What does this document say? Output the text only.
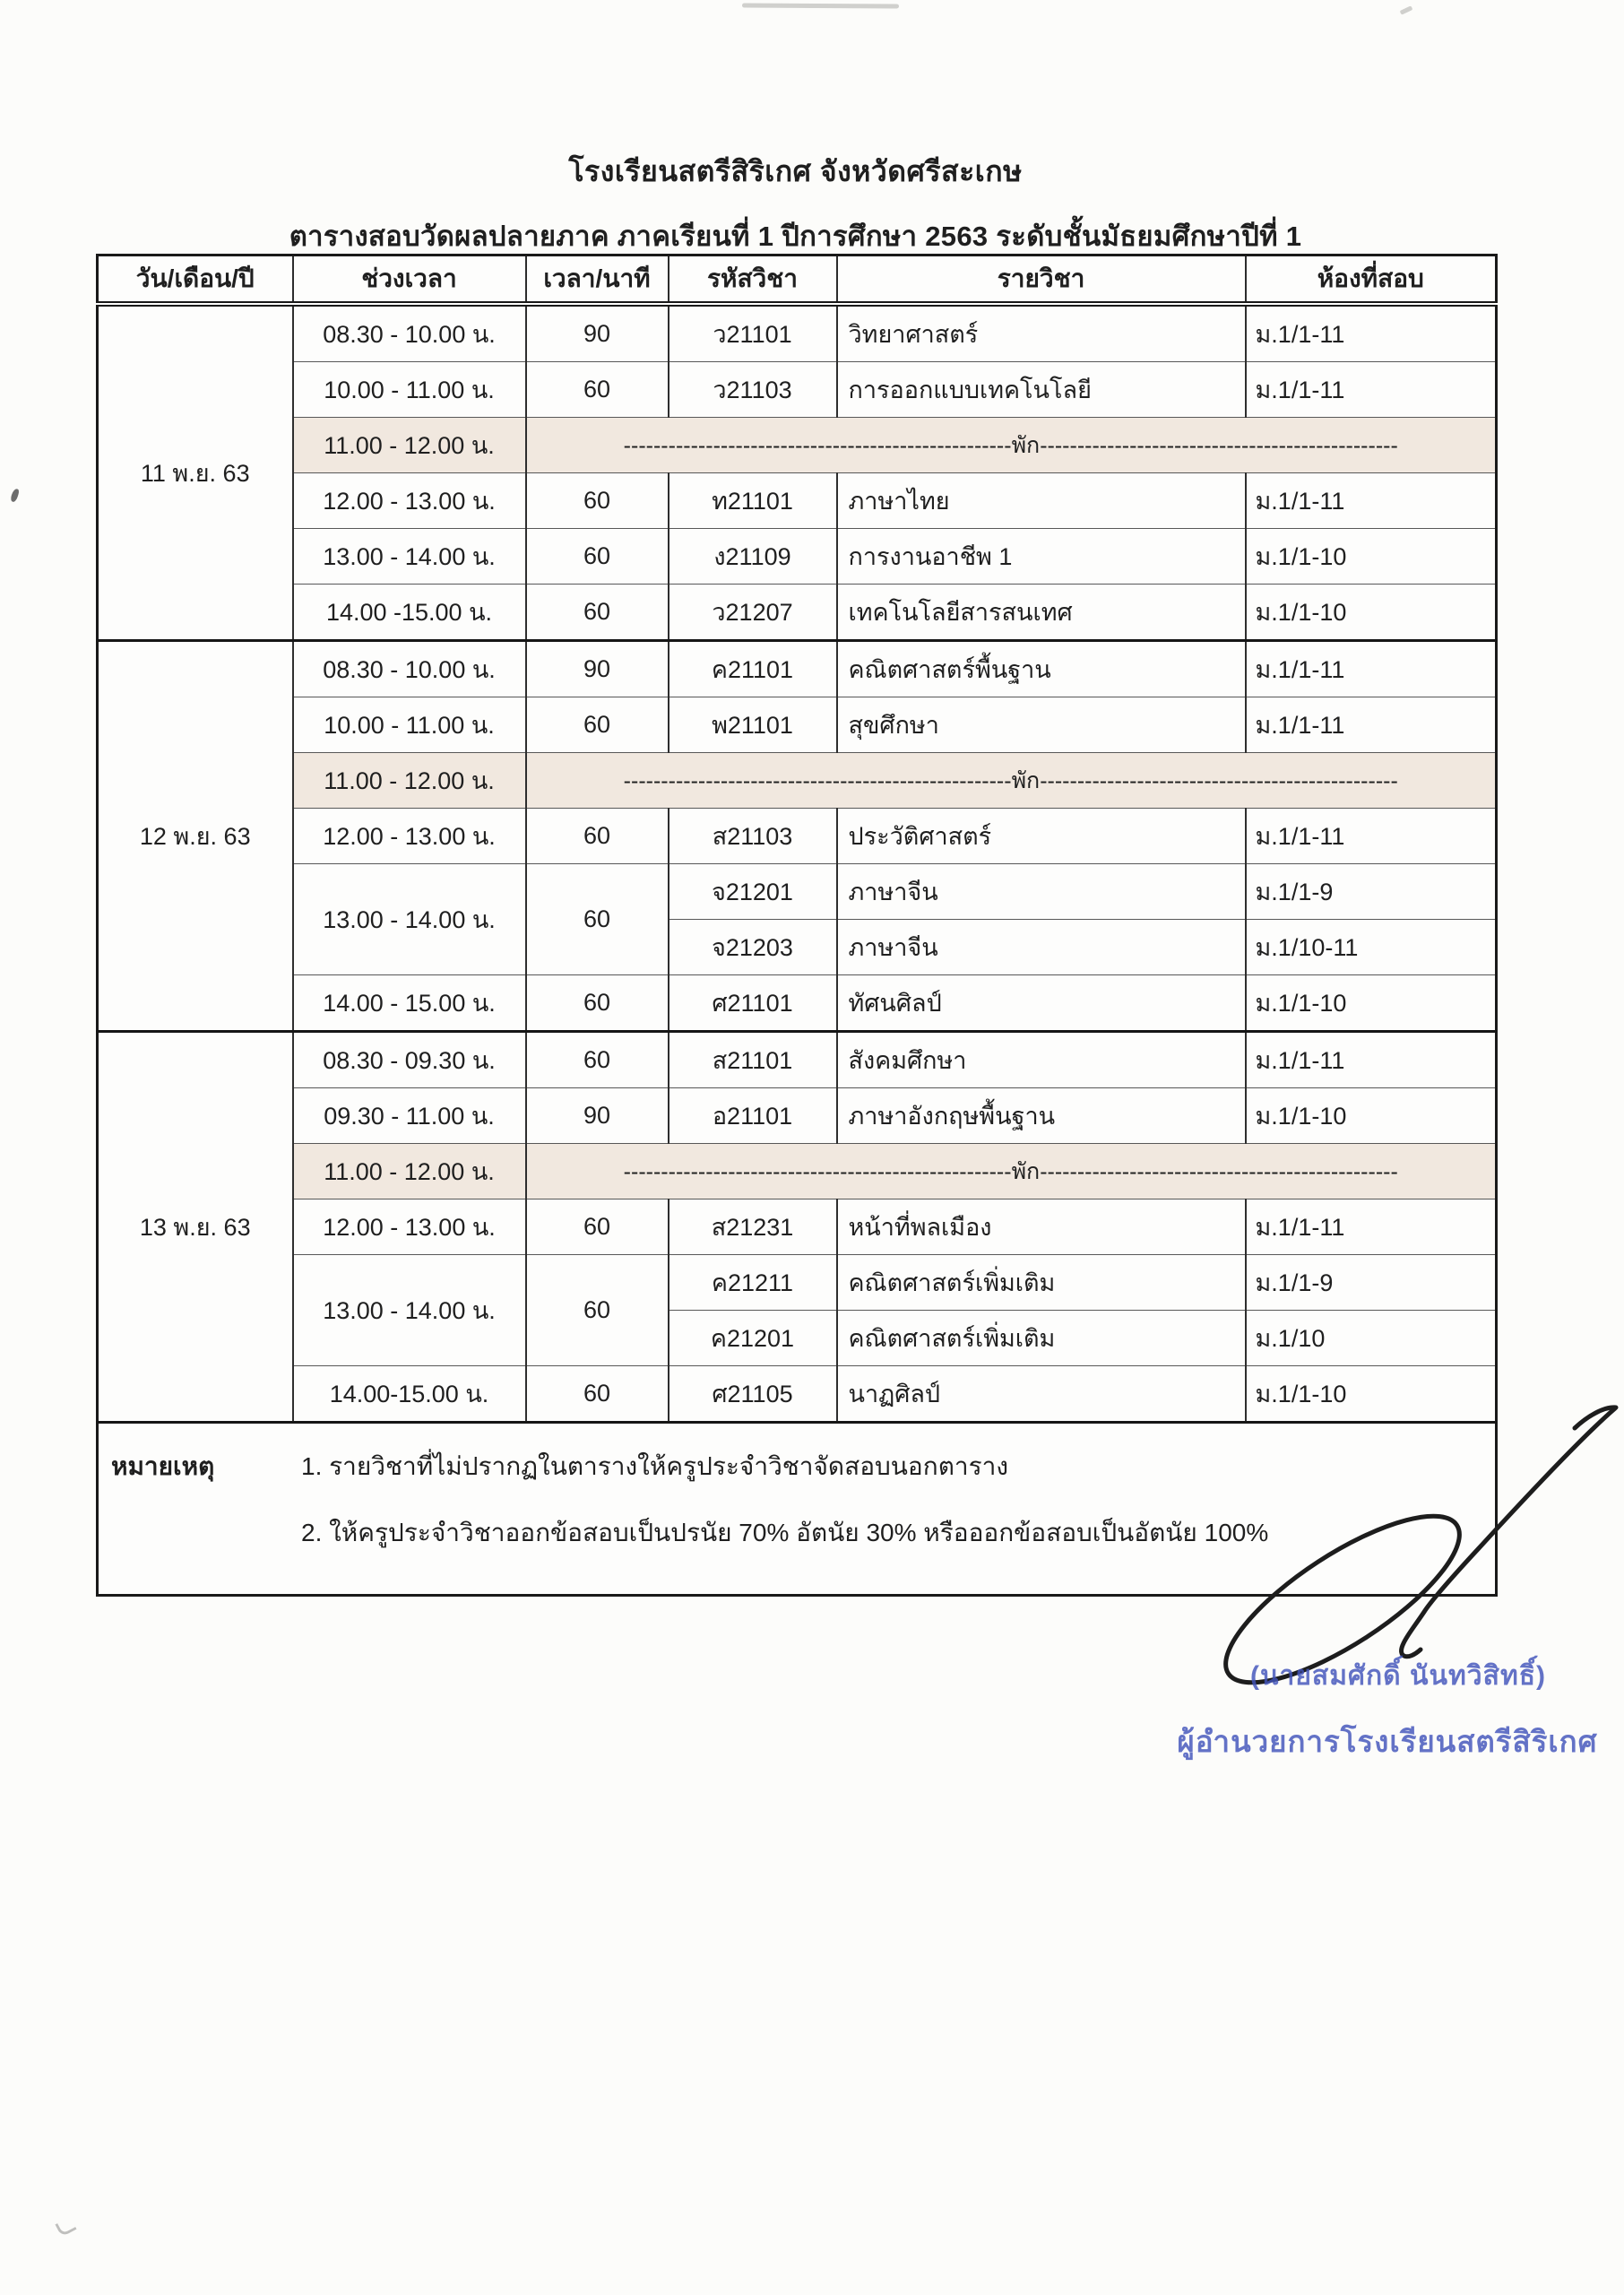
โรงเรียนสตรีสิริเกศ จังหวัดศรีสะเกษ
ตารางสอบวัดผลปลายภาค ภาคเรียนที่ 1 ปีการศึกษา 2563 ระดับชั้นมัธยมศึกษาปีที่ 1
วัน/เดือน/ปี	ช่วงเวลา	เวลา/นาที	รหัสวิชา	รายวิชา	ห้องที่สอบ
11 พ.ย. 63	08.30 - 10.00 น.	90	ว21101	วิทยาศาสตร์	ม.1/1-11
	10.00 - 11.00 น.	60	ว21103	การออกแบบเทคโนโลยี	ม.1/1-11
	11.00 - 12.00 น.	----------------------------------------------------พัก------------------------------------------------			
	12.00 - 13.00 น.	60	ท21101	ภาษาไทย	ม.1/1-11
	13.00 - 14.00 น.	60	ง21109	การงานอาชีพ 1	ม.1/1-10
	14.00 -15.00 น.	60	ว21207	เทคโนโลยีสารสนเทศ	ม.1/1-10
12 พ.ย. 63	08.30 - 10.00 น.	90	ค21101	คณิตศาสตร์พื้นฐาน	ม.1/1-11
	10.00 - 11.00 น.	60	พ21101	สุขศึกษา	ม.1/1-11
	11.00 - 12.00 น.	----------------------------------------------------พัก------------------------------------------------			
	12.00 - 13.00 น.	60	ส21103	ประวัติศาสตร์	ม.1/1-11
	13.00 - 14.00 น.	60	จ21201	ภาษาจีน	ม.1/1-9
			จ21203	ภาษาจีน	ม.1/10-11
	14.00 - 15.00 น.	60	ศ21101	ทัศนศิลป์	ม.1/1-10
13 พ.ย. 63	08.30 - 09.30 น.	60	ส21101	สังคมศึกษา	ม.1/1-11
	09.30 - 11.00 น.	90	อ21101	ภาษาอังกฤษพื้นฐาน	ม.1/1-10
	11.00 - 12.00 น.	----------------------------------------------------พัก------------------------------------------------			
	12.00 - 13.00 น.	60	ส21231	หน้าที่พลเมือง	ม.1/1-11
	13.00 - 14.00 น.	60	ค21211	คณิตศาสตร์เพิ่มเติม	ม.1/1-9
			ค21201	คณิตศาสตร์เพิ่มเติม	ม.1/10
	14.00-15.00 น.	60	ศ21105	นาฏศิลป์	ม.1/1-10

หมายเหตุ 1. รายวิชาที่ไม่ปรากฏในตารางให้ครูประจำวิชาจัดสอบนอกตาราง
2. ให้ครูประจำวิชาออกข้อสอบเป็นปรนัย 70% อัตนัย 30% หรือออกข้อสอบเป็นอัตนัย 100%					
(นายสมศักดิ์ นันทวิสิทธิ์)
ผู้อำนวยการโรงเรียนสตรีสิริเกศ
